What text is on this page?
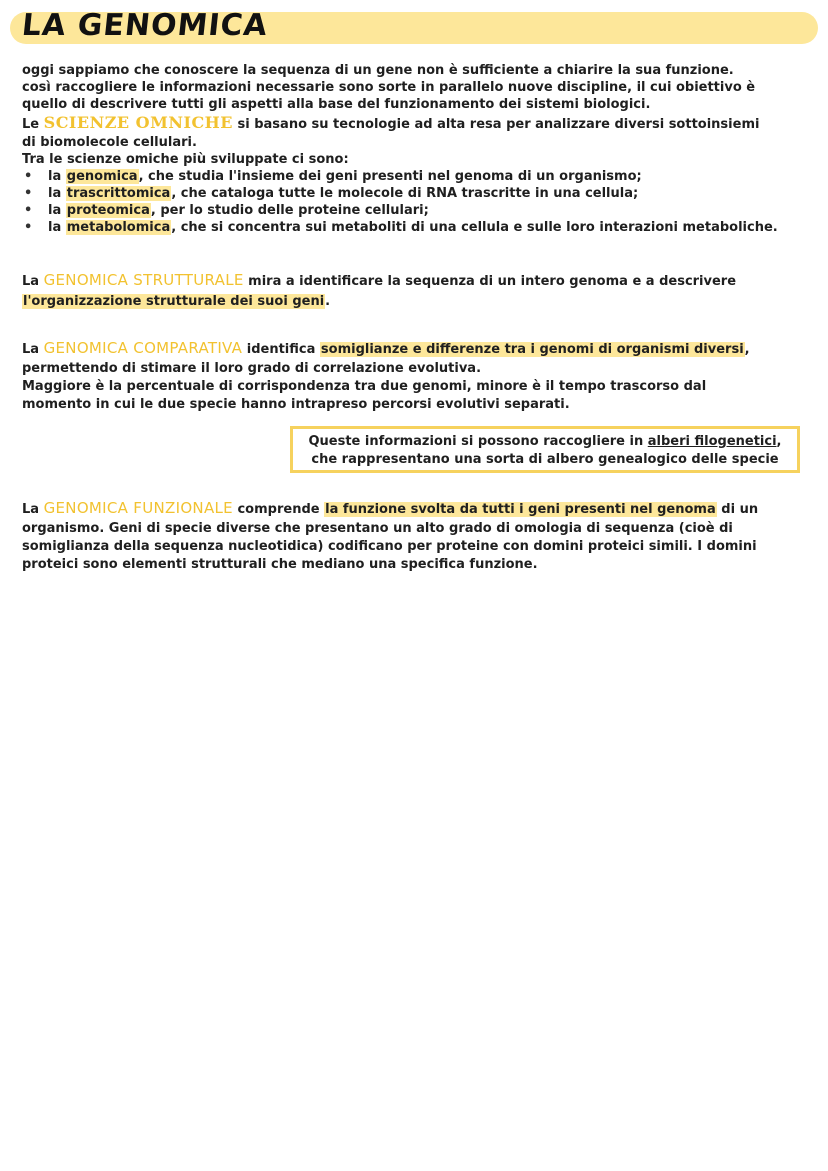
LA GENOMICA

oggi sappiamo che conoscere la sequenza di un gene non è sufficiente a chiarire la sua funzione.

così raccogliere le informazioni necessarie sono sorte in parallelo nuove discipline, il cui obiettivo è

quello di descrivere tutti gli aspetti alla base del funzionamento dei sistemi biologici.

Le SCIENZE OMNICHE si basano su tecnologie ad alta resa per analizzare diversi sottoinsiemi

di biomolecole cellulari.

Tra le scienze omiche più sviluppate ci sono:

• la genomica, che studia l'insieme dei geni presenti nel genoma di un organismo;
• la trascrittomica, che cataloga tutte le molecole di RNA trascritte in una cellula;
• la proteomica, per lo studio delle proteine cellulari;
• la metabolomica, che si concentra sui metaboliti di una cellula e sulle loro interazioni metaboliche.

La GENOMICA STRUTTURALE mira a identificare la sequenza di un intero genoma e a descrivere

l'organizzazione strutturale dei suoi geni.

La GENOMICA COMPARATIVA identifica somiglianze e differenze tra i genomi di organismi diversi,

permettendo di stimare il loro grado di correlazione evolutiva.

Maggiore è la percentuale di corrispondenza tra due genomi, minore è il tempo trascorso dal

momento in cui le due specie hanno intrapreso percorsi evolutivi separati.

Queste informazioni si possono raccogliere in alberi filogenetici,

che rappresentano una sorta di albero genealogico delle specie

La GENOMICA FUNZIONALE comprende la funzione svolta da tutti i geni presenti nel genoma di un

organismo. Geni di specie diverse che presentano un alto grado di omologia di sequenza (cioè di

somiglianza della sequenza nucleotidica) codificano per proteine con domini proteici simili. I domini

proteici sono elementi strutturali che mediano una specifica funzione.
